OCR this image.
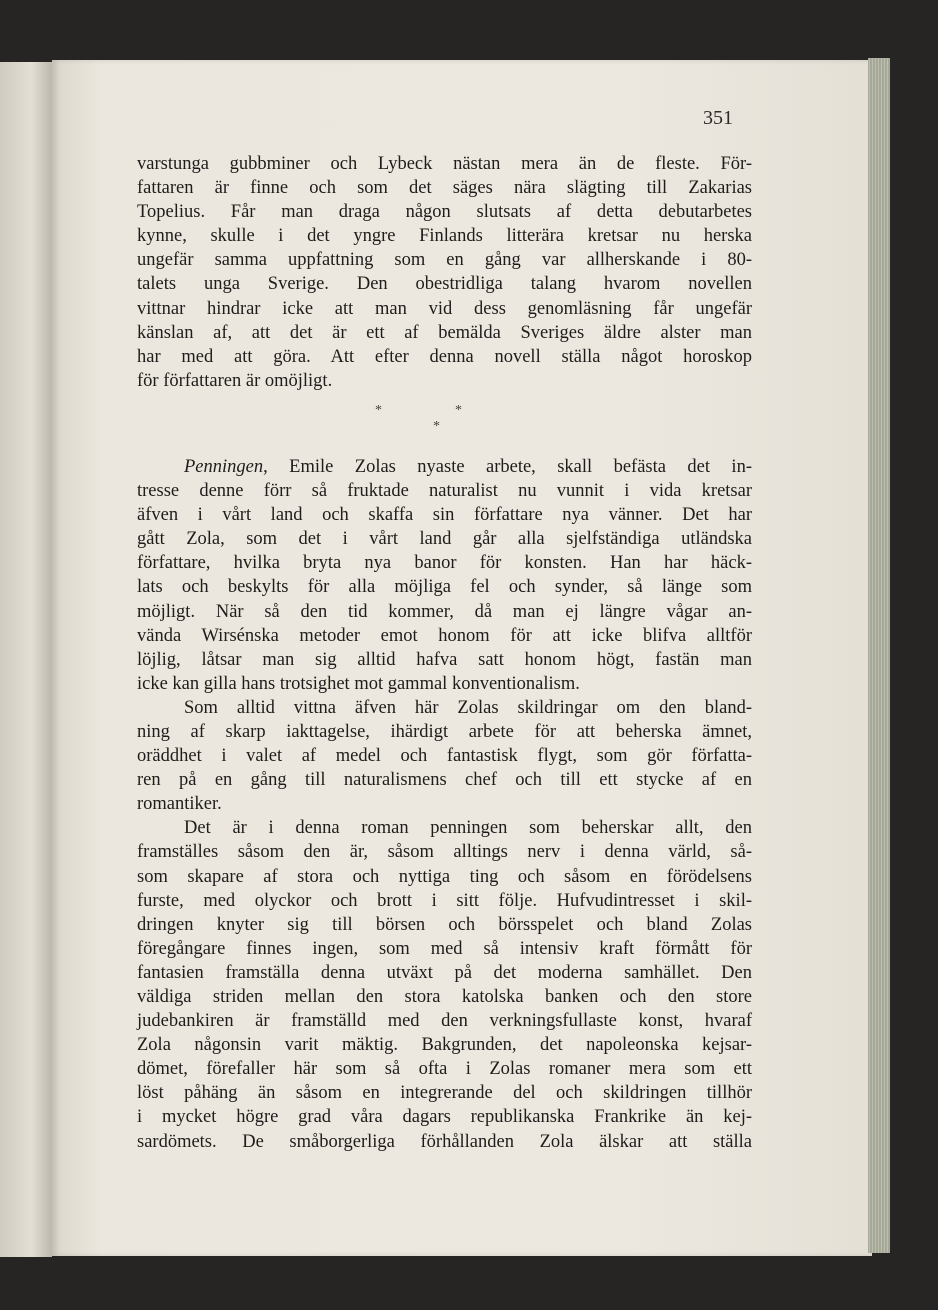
351
varstunga gubbminer och Lybeck nästan mera än de fleste. För-
fattaren är finne och som det säges nära slägting till Zakarias
Topelius. Får man draga någon slutsats af detta debutarbetes
kynne, skulle i det yngre Finlands litterära kretsar nu herska
ungefär samma uppfattning som en gång var allherskande i 80-
talets unga Sverige. Den obestridliga talang hvarom novellen
vittnar hindrar icke att man vid dess genomläsning får ungefär
känslan af, att det är ett af bemälda Sveriges äldre alster man
har med att göra. Att efter denna novell ställa något horoskop
för författaren är omöjligt.
*	*
*
Penningen, Emile Zolas nyaste arbete, skall befästa det in-
tresse denne förr så fruktade naturalist nu vunnit i vida kretsar
äfven i vårt land och skaffa sin författare nya vänner. Det har
gått Zola, som det i vårt land går alla sjelfständiga utländska
författare, hvilka bryta nya banor för konsten. Han har häck-
lats och beskylts för alla möjliga fel och synder, så länge som
möjligt. När så den tid kommer, då man ej längre vågar an-
vända Wirsénska metoder emot honom för att icke blifva alltför
löjlig, låtsar man sig alltid hafva satt honom högt, fastän man
icke kan gilla hans trotsighet mot gammal konventionalism.
Som alltid vittna äfven här Zolas skildringar om den bland-
ning af skarp iakttagelse, ihärdigt arbete för att beherska ämnet,
oräddhet i valet af medel och fantastisk flygt, som gör författa-
ren på en gång till naturalismens chef och till ett stycke af en
romantiker.
Det är i denna roman penningen som beherskar allt, den
framställes såsom den är, såsom alltings nerv i denna värld, så-
som skapare af stora och nyttiga ting och såsom en förödelsens
furste, med olyckor och brott i sitt följe. Hufvudintresset i skil-
dringen knyter sig till börsen och börsspelet och bland Zolas
föregångare finnes ingen, som med så intensiv kraft förmått för
fantasien framställa denna utväxt på det moderna samhället. Den
väldiga striden mellan den stora katolska banken och den store
judebankiren är framställd med den verkningsfullaste konst, hvaraf
Zola någonsin varit mäktig. Bakgrunden, det napoleonska kejsar-
dömet, förefaller här som så ofta i Zolas romaner mera som ett
löst påhäng än såsom en integrerande del och skildringen tillhör
i mycket högre grad våra dagars republikanska Frankrike än kej-
sardömets. De småborgerliga förhållanden Zola älskar att ställa
